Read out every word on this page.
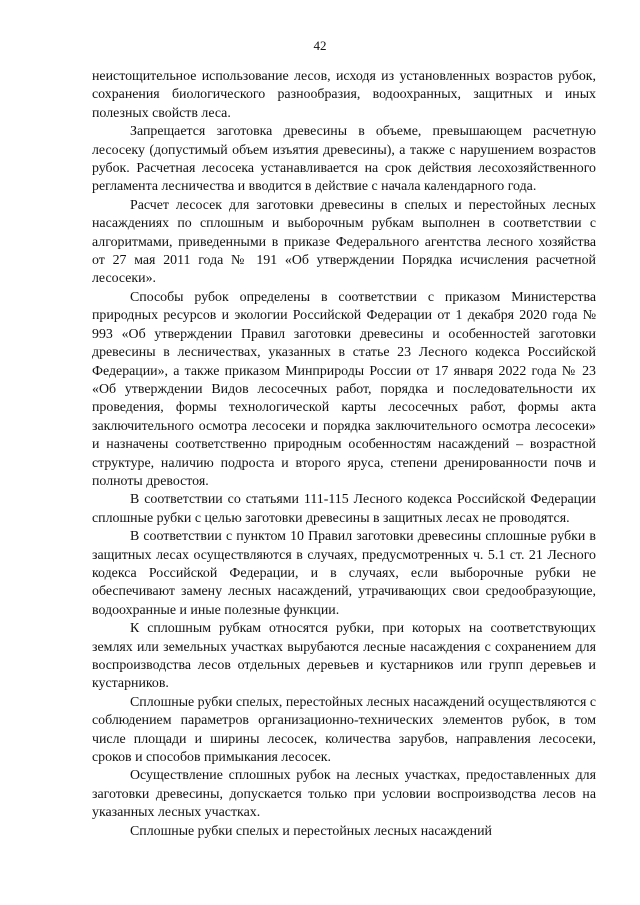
42

неистощительное использование лесов, исходя из установленных возрастов рубок, сохранения биологического разнообразия, водоохранных, защитных и иных полезных свойств леса.

Запрещается заготовка древесины в объеме, превышающем расчетную лесосеку (допустимый объем изъятия древесины), а также с нарушением возрастов рубок. Расчетная лесосека устанавливается на срок действия лесохозяйственного регламента лесничества и вводится в действие с начала календарного года.

Расчет лесосек для заготовки древесины в спелых и перестойных лесных насаждениях по сплошным и выборочным рубкам выполнен в соответствии с алгоритмами, приведенными в приказе Федерального агентства лесного хозяйства от 27 мая 2011 года № 191 «Об утверждении Порядка исчисления расчетной лесосеки».

Способы рубок определены в соответствии с приказом Министерства природных ресурсов и экологии Российской Федерации от 1 декабря 2020 года № 993 «Об утверждении Правил заготовки древесины и особенностей заготовки древесины в лесничествах, указанных в статье 23 Лесного кодекса Российской Федерации», а также приказом Минприроды России от 17 января 2022 года № 23 «Об утверждении Видов лесосечных работ, порядка и последовательности их проведения, формы технологической карты лесосечных работ, формы акта заключительного осмотра лесосеки и порядка заключительного осмотра лесосеки» и назначены соответственно природным особенностям насаждений – возрастной структуре, наличию подроста и второго яруса, степени дренированности почв и полноты древостоя.

В соответствии со статьями 111-115 Лесного кодекса Российской Федерации сплошные рубки с целью заготовки древесины в защитных лесах не проводятся.

В соответствии с пунктом 10 Правил заготовки древесины сплошные рубки в защитных лесах осуществляются в случаях, предусмотренных ч. 5.1 ст. 21 Лесного кодекса Российской Федерации, и в случаях, если выборочные рубки не обеспечивают замену лесных насаждений, утрачивающих свои средообразующие, водоохранные и иные полезные функции.

К сплошным рубкам относятся рубки, при которых на соответствующих землях или земельных участках вырубаются лесные насаждения с сохранением для воспроизводства лесов отдельных деревьев и кустарников или групп деревьев и кустарников.

Сплошные рубки спелых, перестойных лесных насаждений осуществляются с соблюдением параметров организационно-технических элементов рубок, в том числе площади и ширины лесосек, количества зарубов, направления лесосеки, сроков и способов примыкания лесосек.

Осуществление сплошных рубок на лесных участках, предоставленных для заготовки древесины, допускается только при условии воспроизводства лесов на указанных лесных участках.

Сплошные рубки спелых и перестойных лесных насаждений
